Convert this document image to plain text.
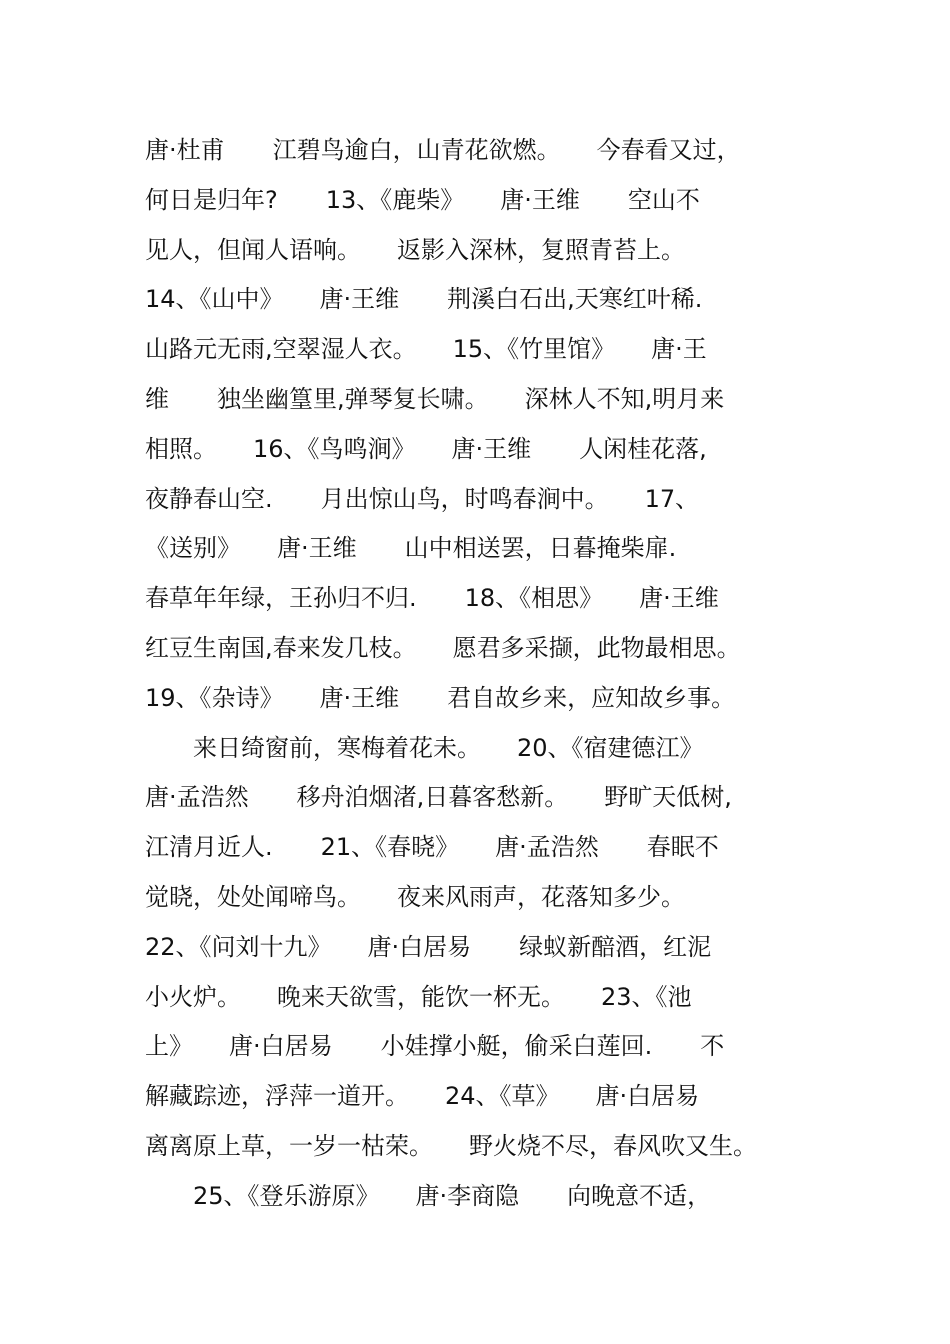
唐·杜甫　　江碧鸟逾白，山青花欲燃。　　今春看又过，
何日是归年?　　13、《鹿柴》　　唐·王维　　空山不
见人，但闻人语响。　　返影入深林，复照青苔上。
14、《山中》　　唐·王维　　荆溪白石出,天寒红叶稀.
山路元无雨,空翠湿人衣。　　15、《竹里馆》　　唐·王
维　　独坐幽篁里,弹琴复长啸。　　深林人不知,明月来
相照。　　16、《鸟鸣涧》　　唐·王维　　人闲桂花落,
夜静春山空.　　月出惊山鸟，时鸣春涧中。　　17、
《送别》　　唐·王维　　山中相送罢，日暮掩柴扉.
春草年年绿，王孙归不归.　　18、《相思》　　唐·王维
红豆生南国,春来发几枝。　　愿君多采撷，此物最相思。
19、《杂诗》　　唐·王维　　君自故乡来，应知故乡事。
　　来日绮窗前，寒梅着花未。　　20、《宿建德江》
唐·孟浩然　　移舟泊烟渚,日暮客愁新。　　野旷天低树,
江清月近人.　　21、《春晓》　　唐·孟浩然　　春眠不
觉晓，处处闻啼鸟。　　夜来风雨声，花落知多少。
22、《问刘十九》　　唐·白居易　　绿蚁新醅酒，红泥
小火炉。　　晚来天欲雪，能饮一杯无。　　23、《池
上》　　唐·白居易　　小娃撑小艇，偷采白莲回.　　不
解藏踪迹，浮萍一道开。　　24、《草》　　唐·白居易
离离原上草，一岁一枯荣。　　野火烧不尽，春风吹又生。
　　25、《登乐游原》　　唐·李商隐　　向晚意不适，
